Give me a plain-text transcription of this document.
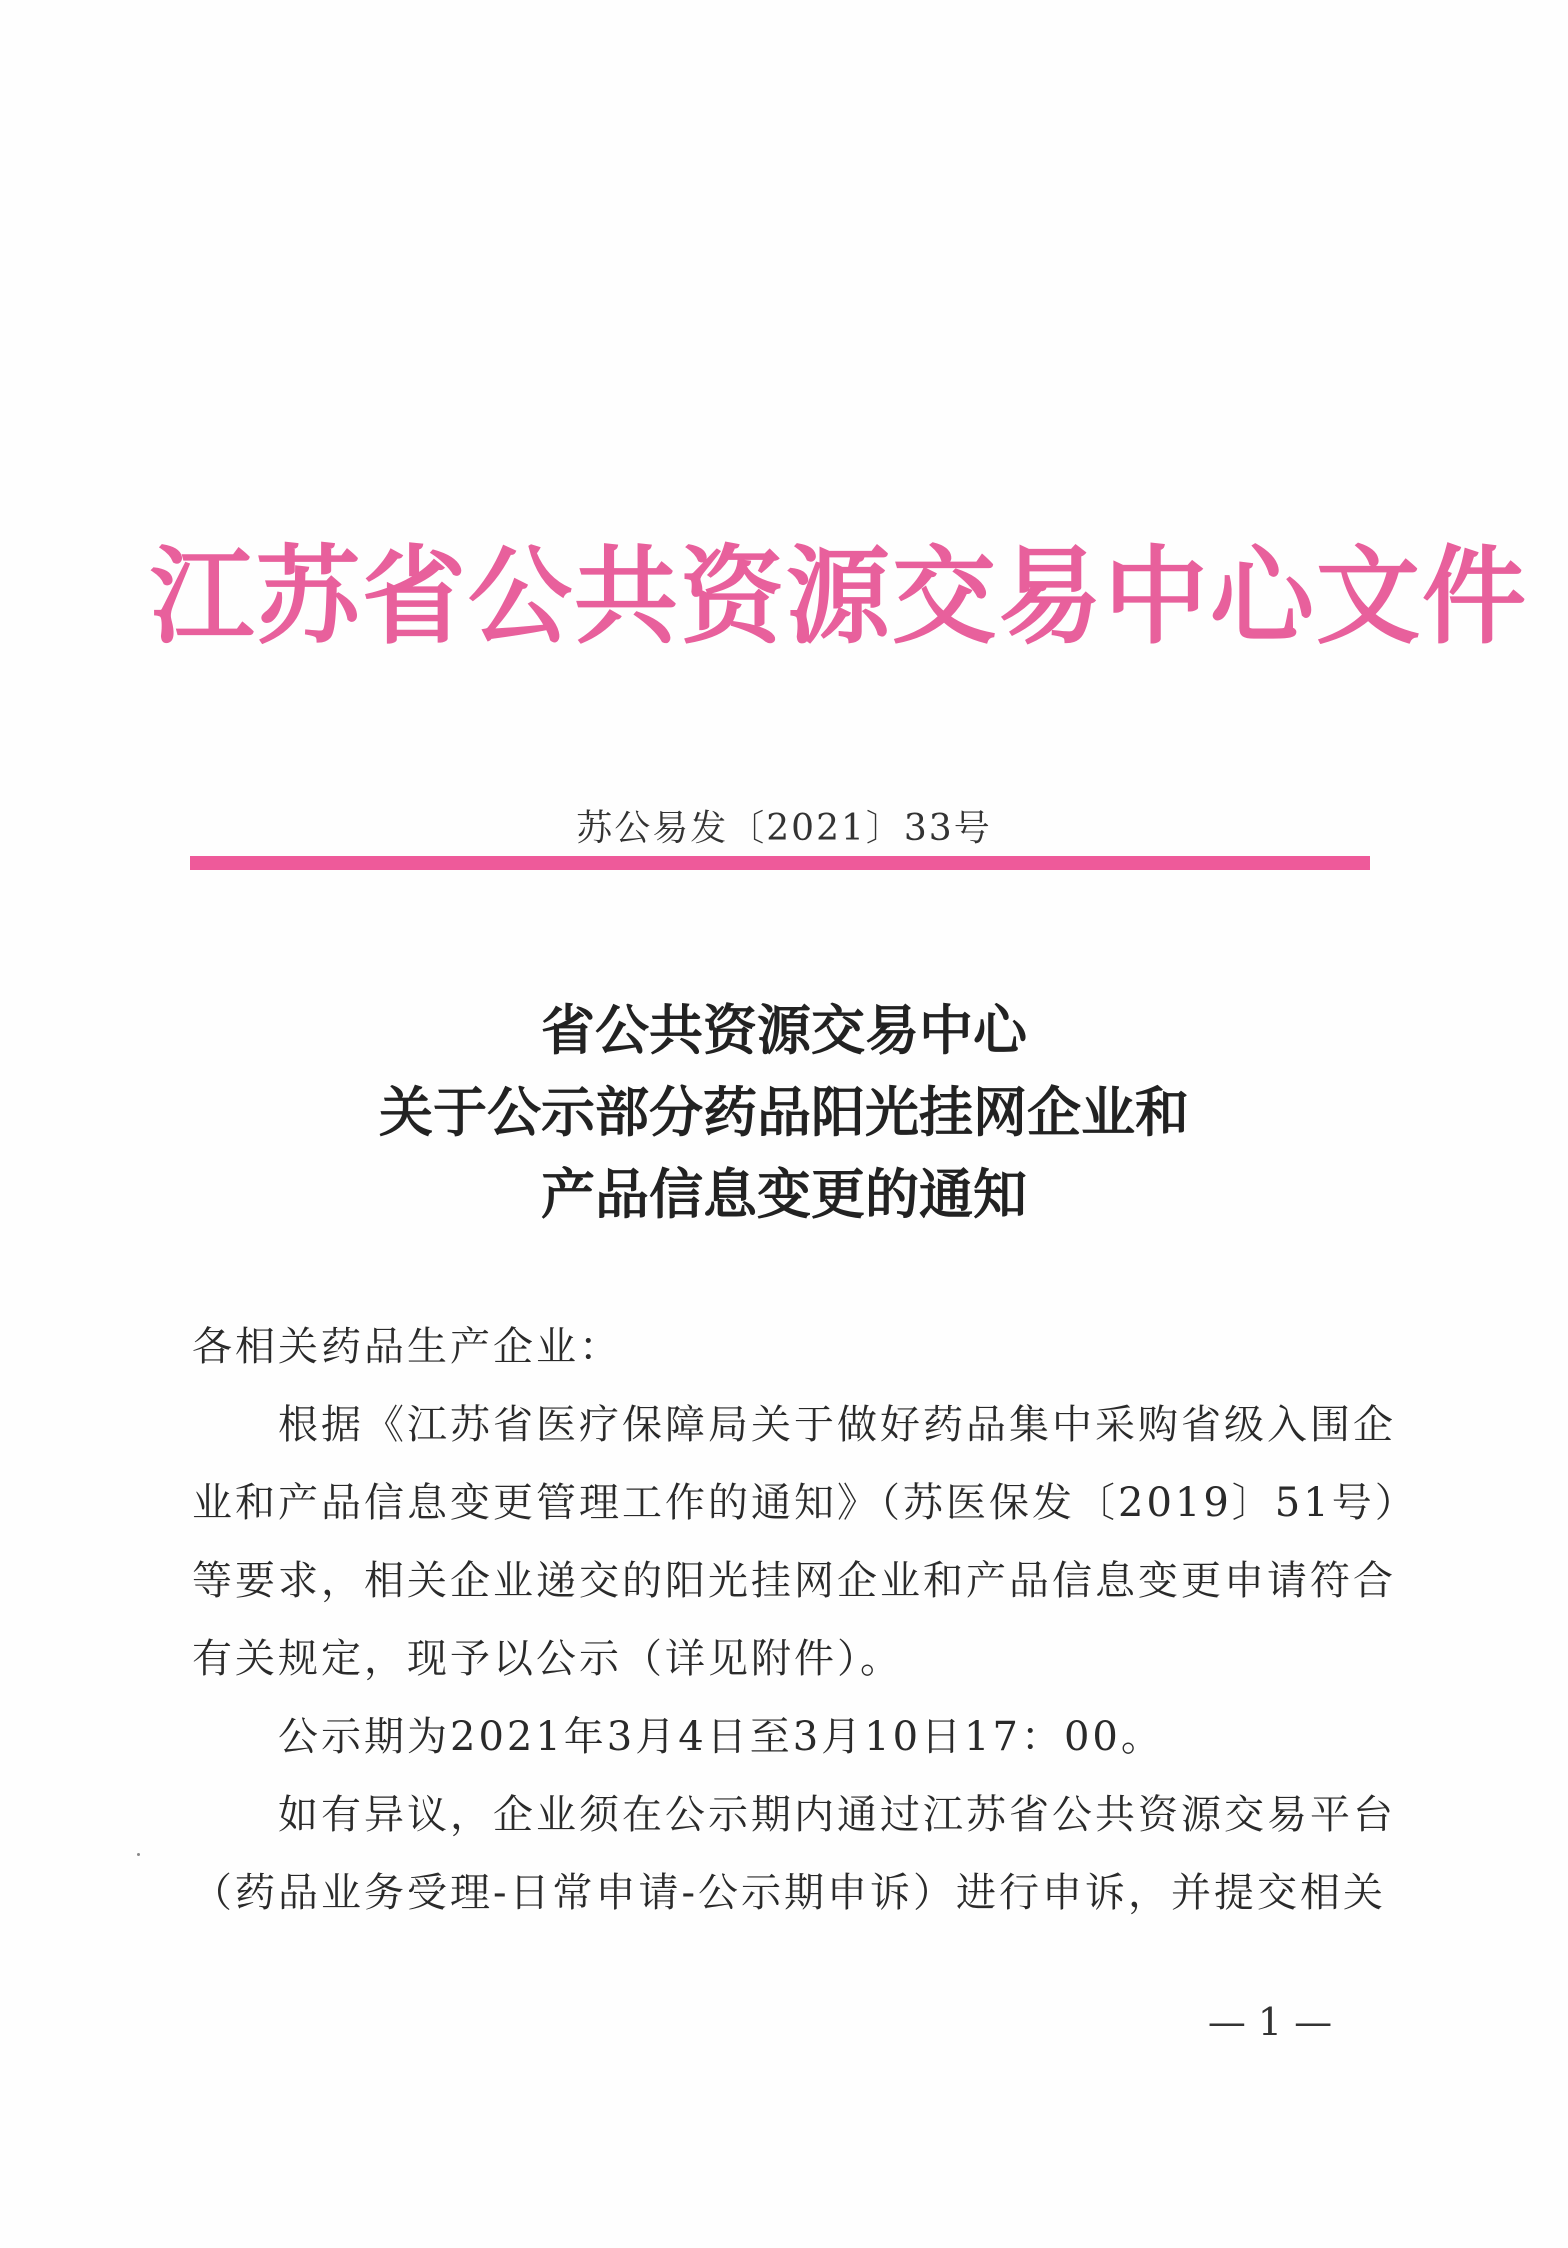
江苏省公共资源交易中心文件
苏公易发〔2021〕33号
省公共资源交易中心
关于公示部分药品阳光挂网企业和
产品信息变更的通知

各相关药品生产企业：

根据《江苏省医疗保障局关于做好药品集中采购省级入围企

业和产品信息变更管理工作的通知》（苏医保发〔2019〕51号）

等要求，相关企业递交的阳光挂网企业和产品信息变更申请符合

有关规定，现予以公示（详见附件）。

公示期为2021年3月4日至3月10日17：00。

如有异议，企业须在公示期内通过江苏省公共资源交易平台

（药品业务受理-日常申请-公示期申诉）进行申诉，并提交相关

— 1 —
